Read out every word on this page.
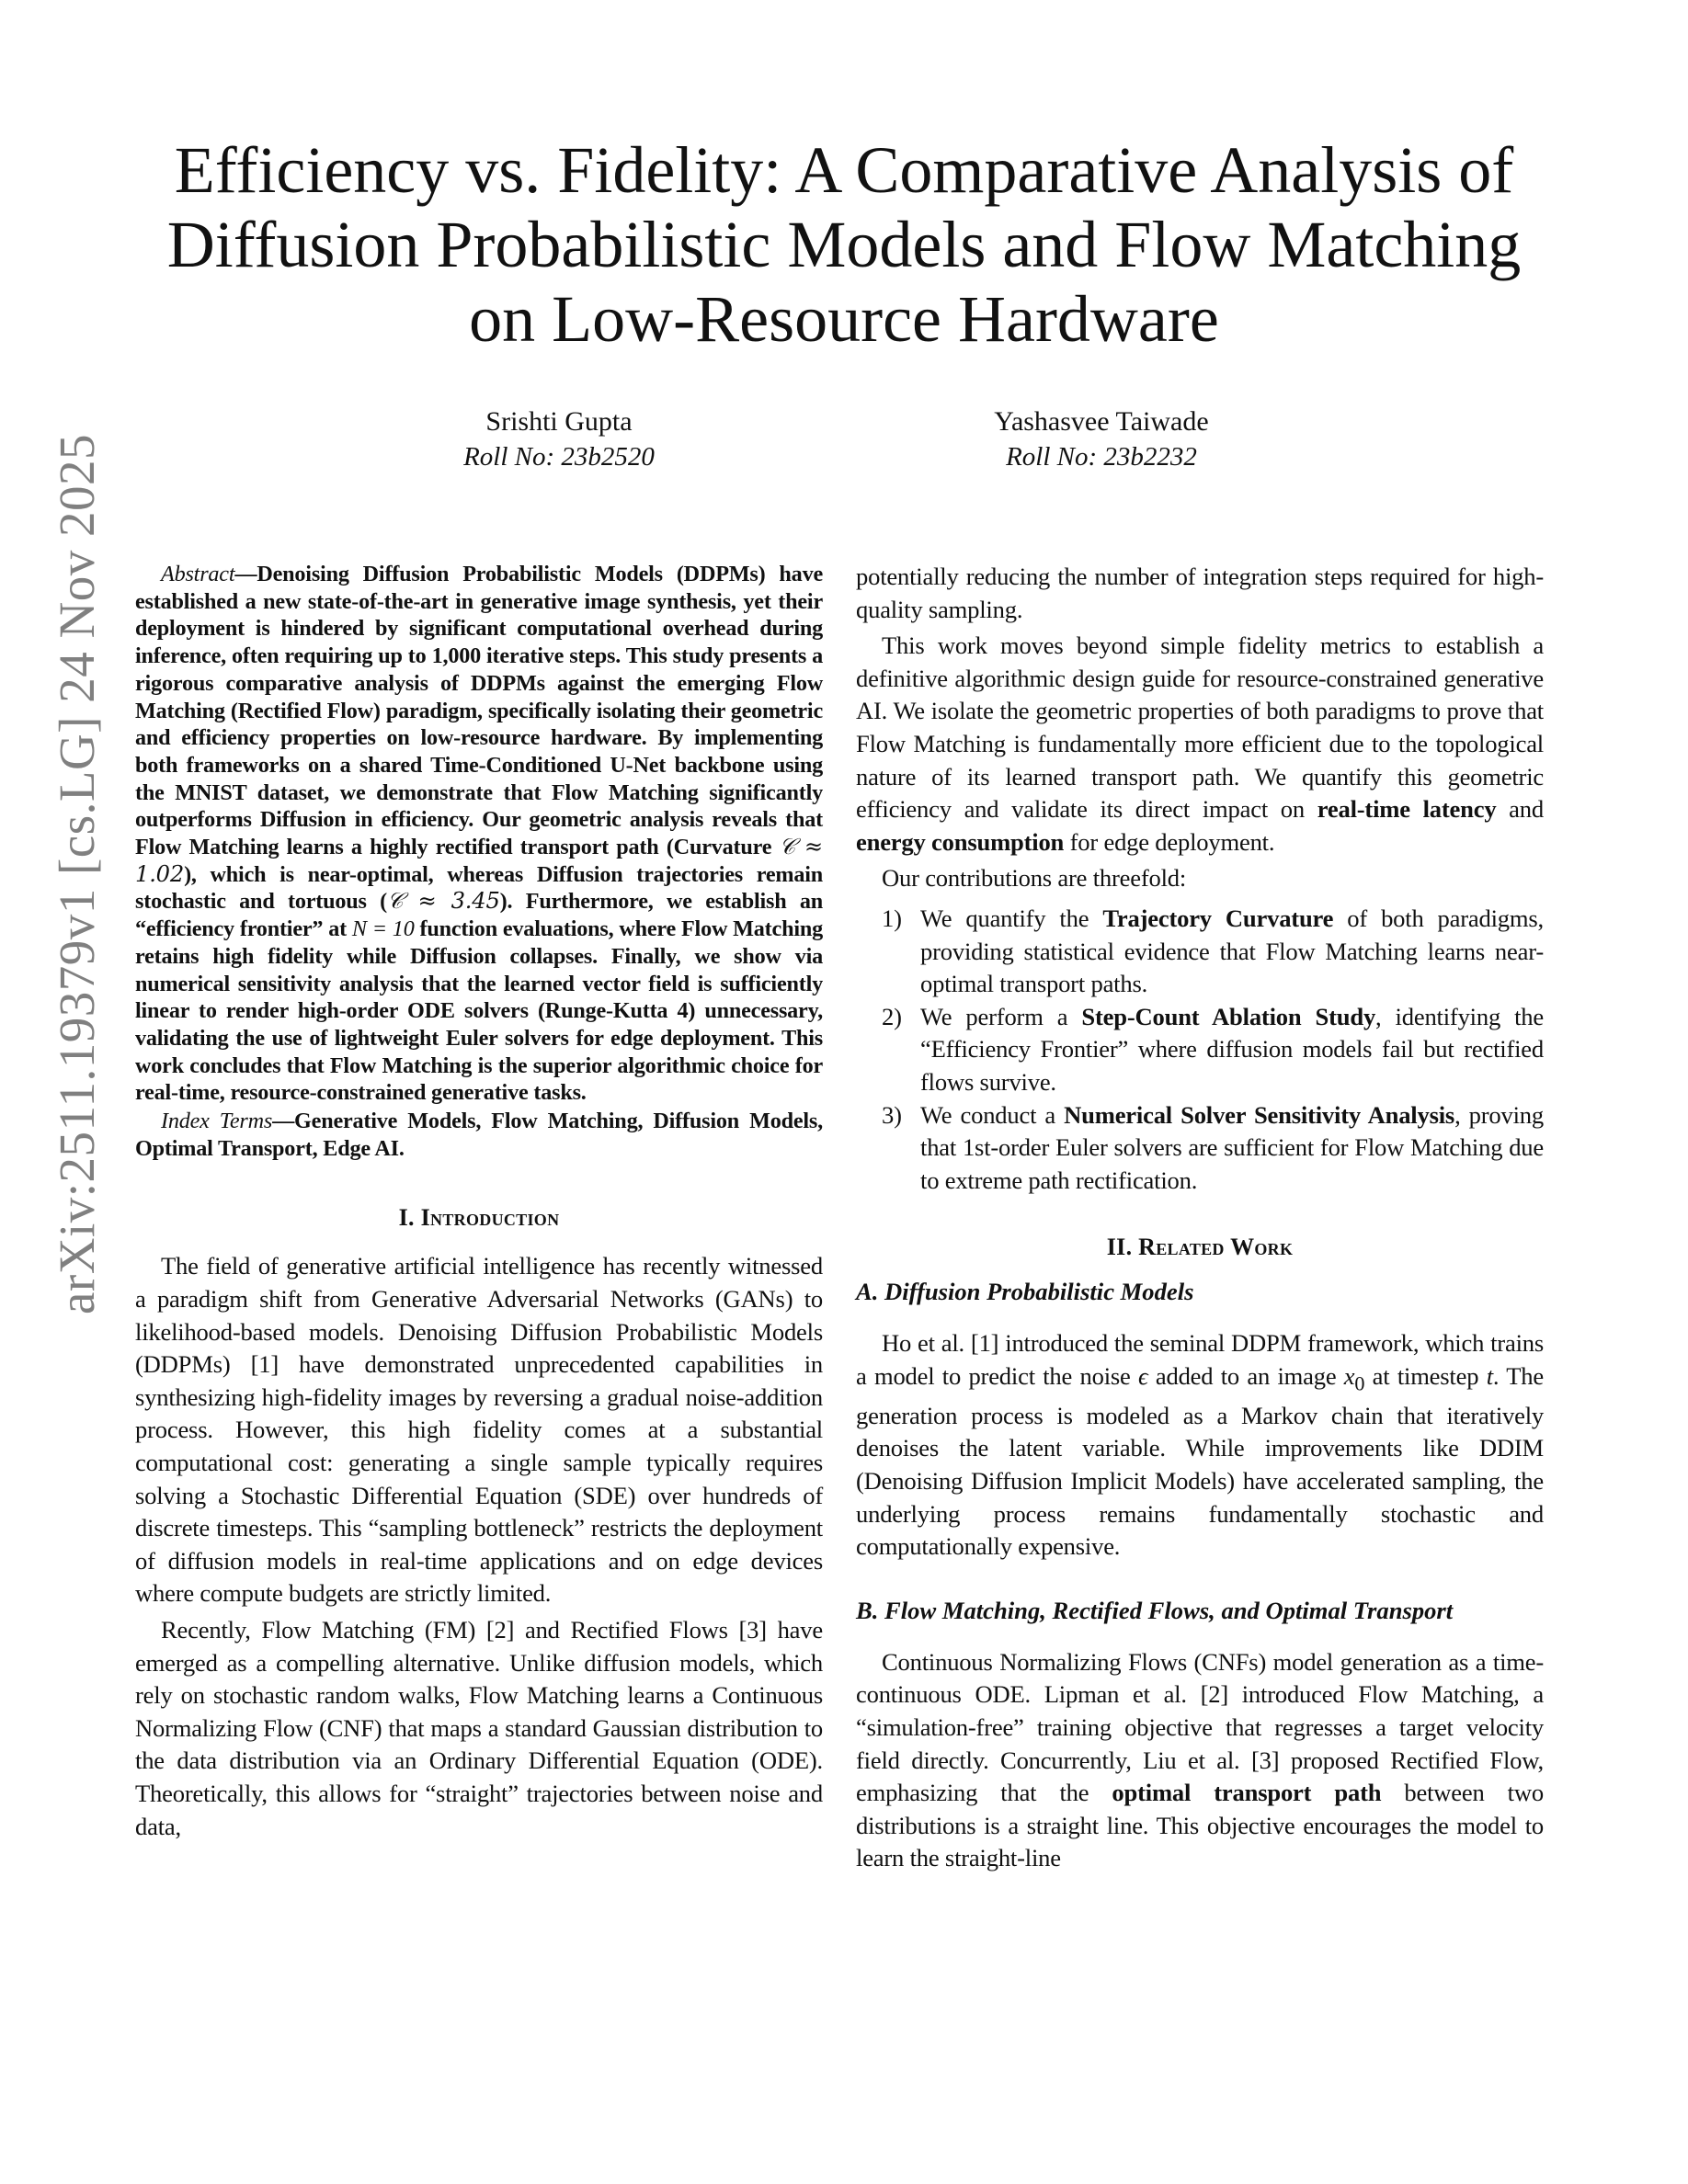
arXiv:2511.19379v1 [cs.LG] 24 Nov 2025
Efficiency vs. Fidelity: A Comparative Analysis of Diffusion Probabilistic Models and Flow Matching on Low-Resource Hardware
Srishti Gupta
Roll No: 23b2520
Yashasvee Taiwade
Roll No: 23b2232

Abstract—Denoising Diffusion Probabilistic Models (DDPMs) have established a new state-of-the-art in generative image synthesis, yet their deployment is hindered by significant computational overhead during inference, often requiring up to 1,000 iterative steps. This study presents a rigorous comparative analysis of DDPMs against the emerging Flow Matching (Rectified Flow) paradigm, specifically isolating their geometric and efficiency properties on low-resource hardware. By implementing both frameworks on a shared Time-Conditioned U-Net backbone using the MNIST dataset, we demonstrate that Flow Matching significantly outperforms Diffusion in efficiency. Our geometric analysis reveals that Flow Matching learns a highly rectified transport path (Curvature 𝒞 ≈ 1.02), which is near-optimal, whereas Diffusion trajectories remain stochastic and tortuous (𝒞 ≈ 3.45). Furthermore, we establish an “efficiency frontier” at N = 10 function evaluations, where Flow Matching retains high fidelity while Diffusion collapses. Finally, we show via numerical sensitivity analysis that the learned vector field is sufficiently linear to render high-order ODE solvers (Runge-Kutta 4) unnecessary, validating the use of lightweight Euler solvers for edge deployment. This work concludes that Flow Matching is the superior algorithmic choice for real-time, resource-constrained generative tasks.

Index Terms—Generative Models, Flow Matching, Diffusion Models, Optimal Transport, Edge AI.

I. Introduction

The field of generative artificial intelligence has recently witnessed a paradigm shift from Generative Adversarial Networks (GANs) to likelihood-based models. Denoising Diffusion Probabilistic Models (DDPMs) [1] have demonstrated unprecedented capabilities in synthesizing high-fidelity images by reversing a gradual noise-addition process. However, this high fidelity comes at a substantial computational cost: generating a single sample typically requires solving a Stochastic Differential Equation (SDE) over hundreds of discrete timesteps. This “sampling bottleneck” restricts the deployment of diffusion models in real-time applications and on edge devices where compute budgets are strictly limited.

Recently, Flow Matching (FM) [2] and Rectified Flows [3] have emerged as a compelling alternative. Unlike diffusion models, which rely on stochastic random walks, Flow Matching learns a Continuous Normalizing Flow (CNF) that maps a standard Gaussian distribution to the data distribution via an Ordinary Differential Equation (ODE). Theoretically, this allows for “straight” trajectories between noise and data,

potentially reducing the number of integration steps required for high-quality sampling.

This work moves beyond simple fidelity metrics to establish a definitive algorithmic design guide for resource-constrained generative AI. We isolate the geometric properties of both paradigms to prove that Flow Matching is fundamentally more efficient due to the topological nature of its learned transport path. We quantify this geometric efficiency and validate its direct impact on real-time latency and energy consumption for edge deployment.

Our contributions are threefold:

1) We quantify the Trajectory Curvature of both paradigms, providing statistical evidence that Flow Matching learns near-optimal transport paths.
2) We perform a Step-Count Ablation Study, identifying the “Efficiency Frontier” where diffusion models fail but rectified flows survive.
3) We conduct a Numerical Solver Sensitivity Analysis, proving that 1st-order Euler solvers are sufficient for Flow Matching due to extreme path rectification.
II. Related Work
A. Diffusion Probabilistic Models

Ho et al. [1] introduced the seminal DDPM framework, which trains a model to predict the noise ϵ added to an image $x_0$ at timestep t. The generation process is modeled as a Markov chain that iteratively denoises the latent variable. While improvements like DDIM (Denoising Diffusion Implicit Models) have accelerated sampling, the underlying process remains fundamentally stochastic and computationally expensive.

B. Flow Matching, Rectified Flows, and Optimal Transport

Continuous Normalizing Flows (CNFs) model generation as a time-continuous ODE. Lipman et al. [2] introduced Flow Matching, a “simulation-free” training objective that regresses a target velocity field directly. Concurrently, Liu et al. [3] proposed Rectified Flow, emphasizing that the optimal transport path between two distributions is a straight line. This objective encourages the model to learn the straight-line
